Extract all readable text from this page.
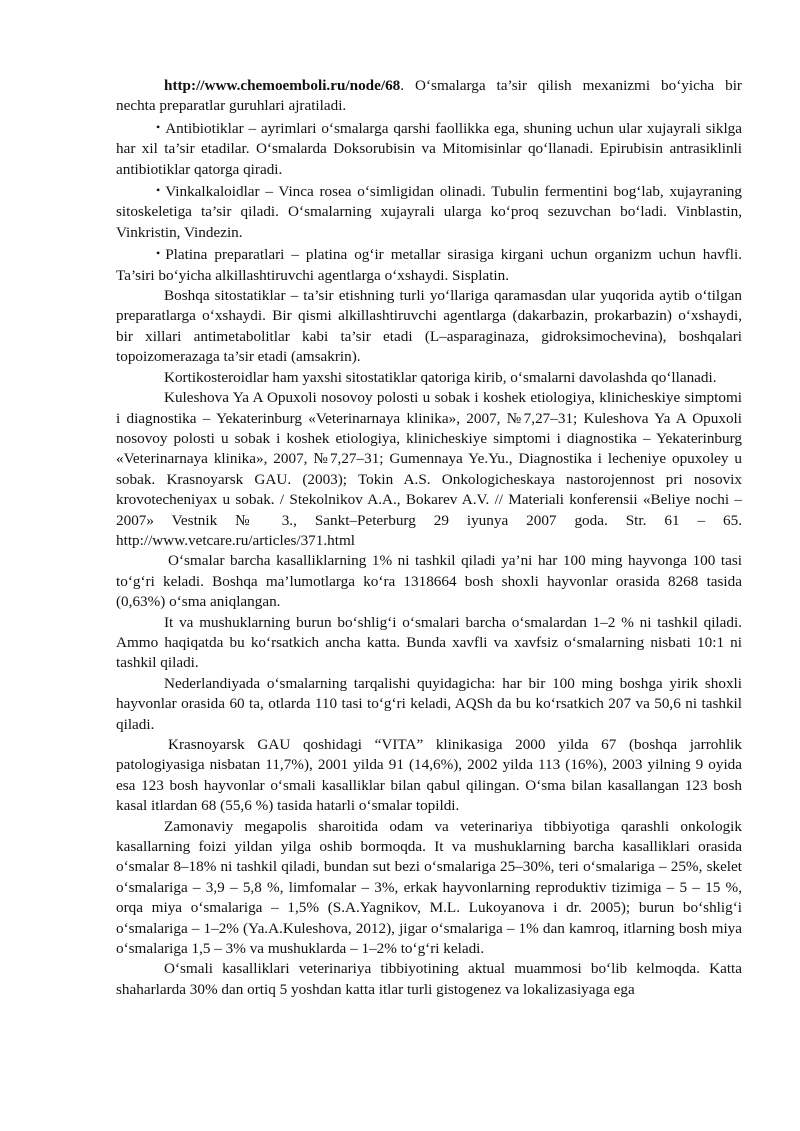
http://www.chemoemboli.ru/node/68. O‘smalarga ta’sir qilish mexanizmi bo‘yicha bir nechta preparatlar guruhlari ajratiladi.

• Antibiotiklar – ayrimlari o‘smalarga qarshi faollikka ega, shuning uchun ular xujayrali siklga har xil ta’sir etadilar. O‘smalarda Doksorubisin va Mitomisinlar qo‘llanadi. Epirubisin antrasiklinli antibiotiklar qatorga qiradi.

• Vinkalkaloidlar – Vinca rosea o‘simligidan olinadi. Tubulin fermentini bog‘lab, xujayraning sitoskeletiga ta’sir qiladi. O‘smalarning xujayrali ularga ko‘proq sezuvchan bo‘ladi. Vinblastin, Vinkristin, Vindezin.

• Platina preparatlari – platina og‘ir metallar sirasiga kirgani uchun organizm uchun havfli. Ta’siri bo‘yicha alkillashtiruvchi agentlarga o‘xshaydi. Sisplatin.

Boshqa sitostatiklar – ta’sir etishning turli yo‘llariga qaramasdan ular yuqorida aytib o‘tilgan preparatlarga o‘xshaydi. Bir qismi alkillashtiruvchi agentlarga (dakarbazin, prokarbazin) o‘xshaydi, bir xillari antimetabolitlar kabi ta’sir etadi (L–asparaginaza, gidroksimochevina), boshqalari topoizomerazaga ta’sir etadi (amsakrin).

Kortikosteroidlar ham yaxshi sitostatiklar qatoriga kirib, o‘smalarni davolashda qo‘llanadi.

Kuleshova Ya A Opuxoli nosovoy polosti u sobak i koshek etiologiya, klinicheskiye simptomi i diagnostika – Yekaterinburg «Veterinarnaya klinika», 2007, №7,27–31; Kuleshova Ya A Opuxoli nosovoy polosti u sobak i koshek etiologiya, klinicheskiye simptomi i diagnostika – Yekaterinburg «Veterinarnaya klinika», 2007, №7,27–31; Gumennaya Ye.Yu., Diagnostika i lecheniye opuxoley u sobak. Krasnoyarsk GAU. (2003); Tokin A.S. Onkologicheskaya nastorojennost pri nosovix krovotecheniyax u sobak. / Stekolnikov A.A., Bokarev A.V. // Materiali konferensii «Beliye nochi – 2007» Vestnik № 3., Sankt–Peterburg 29 iyunya 2007 goda. Str. 61 – 65. http://www.vetcare.ru/articles/371.html

O‘smalar barcha kasalliklarning 1% ni tashkil qiladi ya’ni har 100 ming hayvonga 100 tasi to‘g‘ri keladi. Boshqa ma’lumotlarga ko‘ra 1318664 bosh shoxli hayvonlar orasida 8268 tasida (0,63%) o‘sma aniqlangan.

It va mushuklarning burun bo‘shlig‘i o‘smalari barcha o‘smalardan 1–2 % ni tashkil qiladi. Ammo haqiqatda bu ko‘rsatkich ancha katta. Bunda xavfli va xavfsiz o‘smalarning nisbati 10:1 ni tashkil qiladi.

Nederlandiyada o‘smalarning tarqalishi quyidagicha: har bir 100 ming boshga yirik shoxli hayvonlar orasida 60 ta, otlarda 110 tasi to‘g‘ri keladi, AQSh da bu ko‘rsatkich 207 va 50,6 ni tashkil qiladi.

Krasnoyarsk GAU qoshidagi “VITA” klinikasiga 2000 yilda 67 (boshqa jarrohlik patologiyasiga nisbatan 11,7%), 2001 yilda 91 (14,6%), 2002 yilda 113 (16%), 2003 yilning 9 oyida esa 123 bosh hayvonlar o‘smali kasalliklar bilan qabul qilingan. O‘sma bilan kasallangan 123 bosh kasal itlardan 68 (55,6 %) tasida hatarli o‘smalar topildi.

Zamonaviy megapolis sharoitida odam va veterinariya tibbiyotiga qarashli onkologik kasallarning foizi yildan yilga oshib bormoqda. It va mushuklarning barcha kasalliklari orasida o‘smalar 8–18% ni tashkil qiladi, bundan sut bezi o‘smalariga 25–30%, teri o‘smalariga – 25%, skelet o‘smalariga – 3,9 – 5,8 %, limfomalar – 3%, erkak hayvonlarning reproduktiv tizimiga – 5 – 15 %, orqa miya o‘smalariga – 1,5% (S.A.Yagnikov, M.L. Lukoyanova i dr. 2005); burun bo‘shlig‘i o‘smalariga – 1–2% (Ya.A.Kuleshova, 2012), jigar o‘smalariga – 1% dan kamroq, itlarning bosh miya o‘smalariga 1,5 – 3% va mushuklarda – 1–2% to‘g‘ri keladi.

O‘smali kasalliklari veterinariya tibbiyotining aktual muammosi bo‘lib kelmoqda. Katta shaharlarda 30% dan ortiq 5 yoshdan katta itlar turli gistogenez va lokalizasiyaga ega
